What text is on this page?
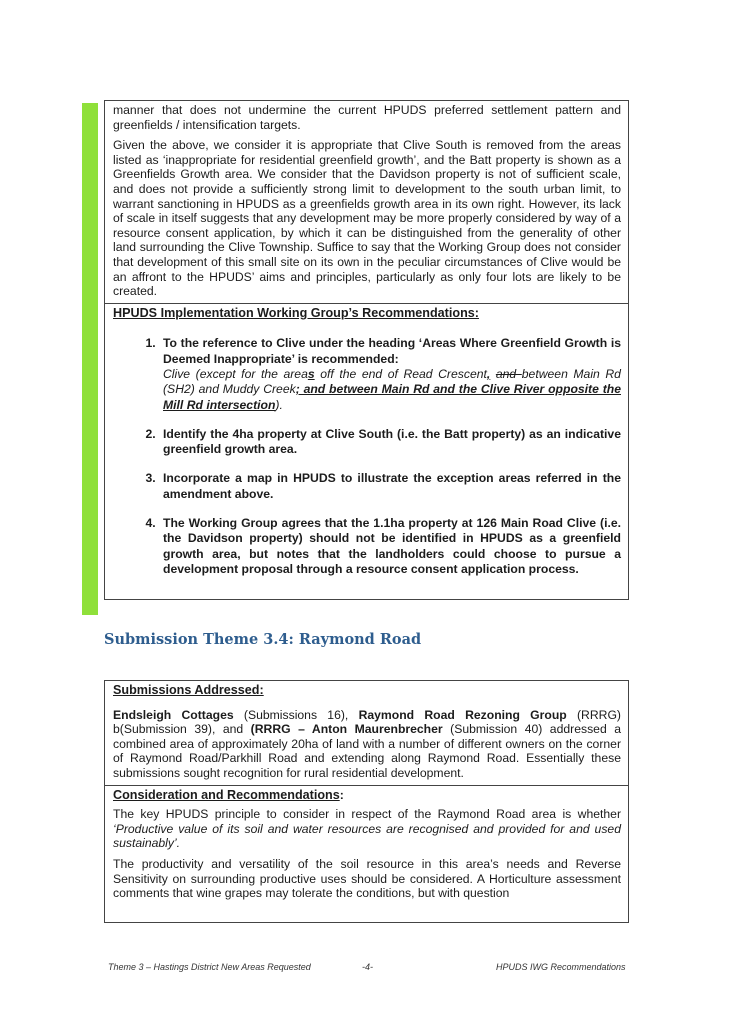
manner that does not undermine the current HPUDS preferred settlement pattern and greenfields / intensification targets.

Given the above, we consider it is appropriate that Clive South is removed from the areas listed as ‘inappropriate for residential greenfield growth’, and the Batt property is shown as a Greenfields Growth area. We consider that the Davidson property is not of sufficient scale, and does not provide a sufficiently strong limit to development to the south urban limit, to warrant sanctioning in HPUDS as a greenfields growth area in its own right. However, its lack of scale in itself suggests that any development may be more properly considered by way of a resource consent application, by which it can be distinguished from the generality of other land surrounding the Clive Township. Suffice to say that the Working Group does not consider that development of this small site on its own in the peculiar circumstances of Clive would be an affront to the HPUDS’ aims and principles, particularly as only four lots are likely to be created.

HPUDS Implementation Working Group’s Recommendations:
1. To the reference to Clive under the heading ‘Areas Where Greenfield Growth is Deemed Inappropriate’ is recommended:
Clive (except for the areas off the end of Read Crescent, and between Main Rd (SH2) and Muddy Creek; and between Main Rd and the Clive River opposite the Mill Rd intersection).
2. Identify the 4ha property at Clive South (i.e. the Batt property) as an indicative greenfield growth area.
3. Incorporate a map in HPUDS to illustrate the exception areas referred in the amendment above.
4. The Working Group agrees that the 1.1ha property at 126 Main Road Clive (i.e. the Davidson property) should not be identified in HPUDS as a greenfield growth area, but notes that the landholders could choose to pursue a development proposal through a resource consent application process.
Submission Theme 3.4: Raymond Road
Submissions Addressed:

Endsleigh Cottages (Submissions 16), Raymond Road Rezoning Group (RRRG) b(Submission 39), and (RRRG – Anton Maurenbrecher (Submission 40) addressed a combined area of approximately 20ha of land with a number of different owners on the corner of Raymond Road/Parkhill Road and extending along Raymond Road. Essentially these submissions sought recognition for rural residential development.

Consideration and Recommendations:

The key HPUDS principle to consider in respect of the Raymond Road area is whether ‘Productive value of its soil and water resources are recognised and provided for and used sustainably’.

The productivity and versatility of the soil resource in this area’s needs and Reverse Sensitivity on surrounding productive uses should be considered. A Horticulture assessment comments that wine grapes may tolerate the conditions, but with question

Theme 3 – Hastings District New Areas Requested	-4-	HPUDS IWG Recommendations
